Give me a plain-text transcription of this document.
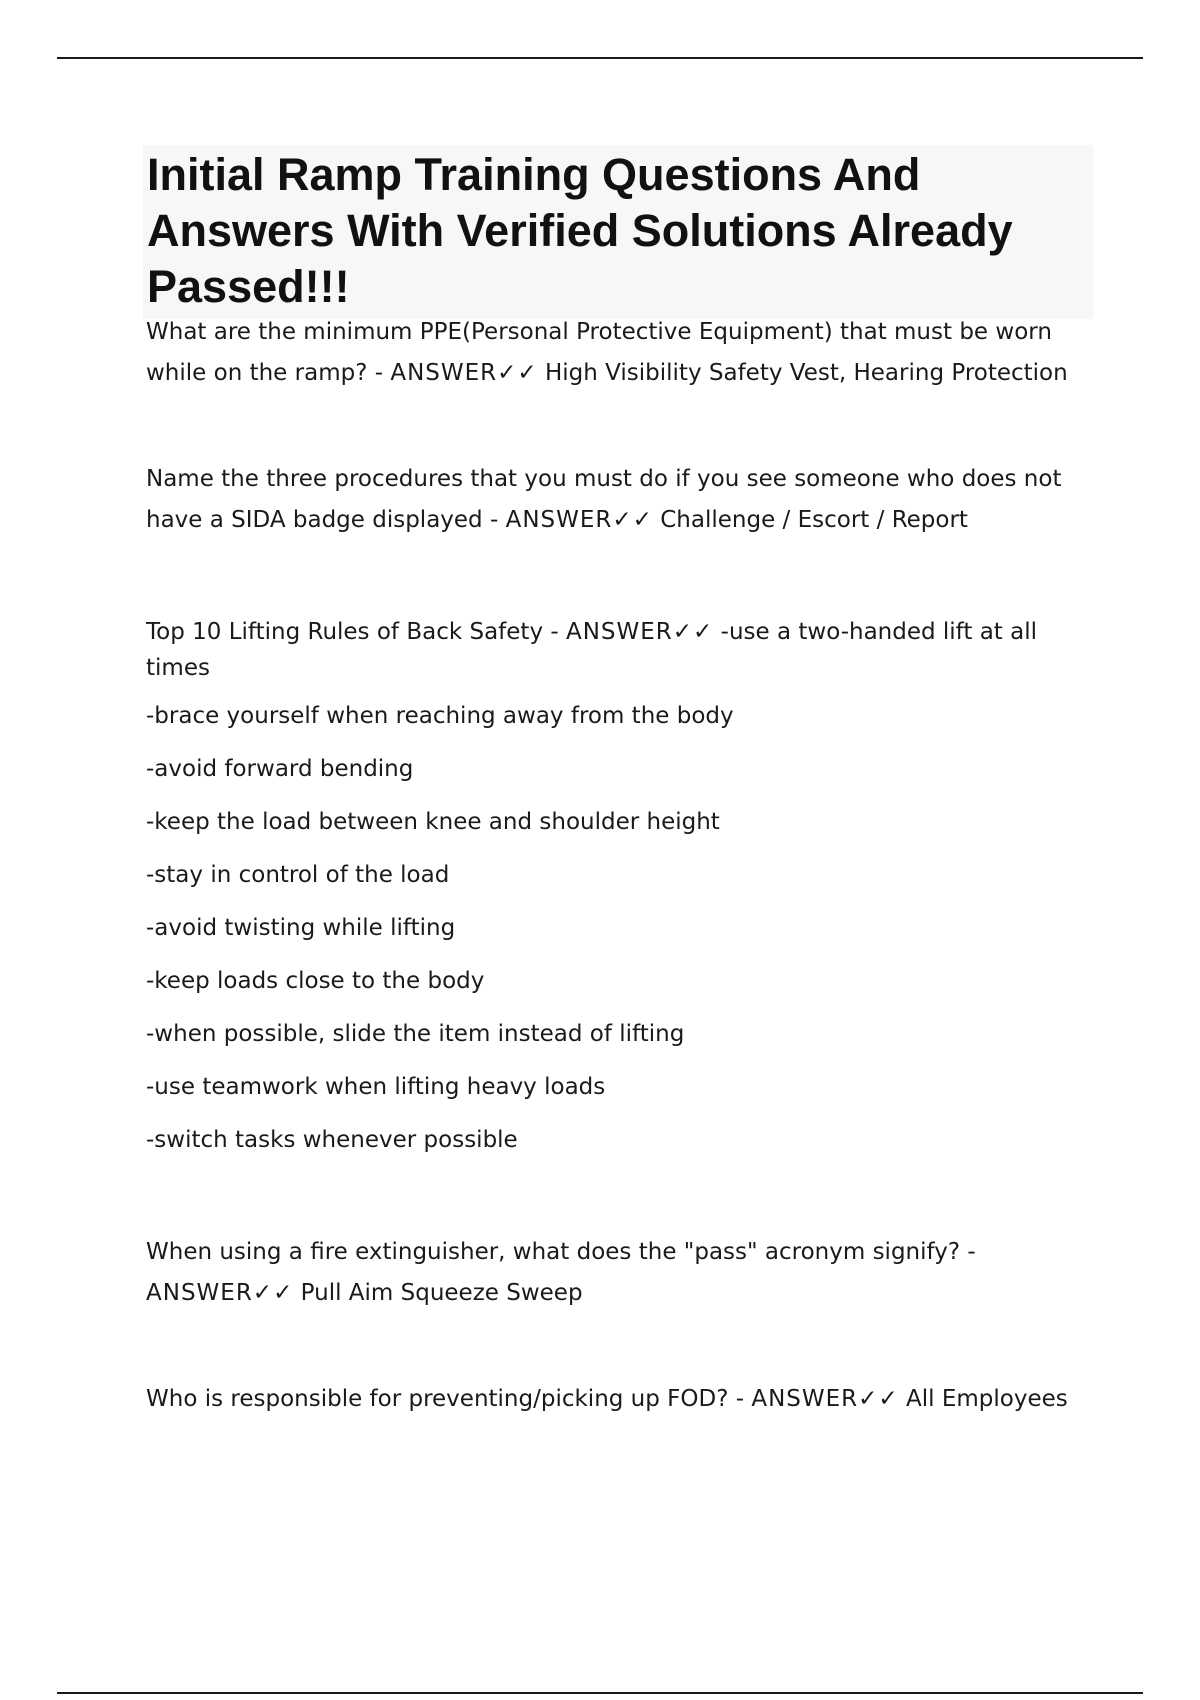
Initial Ramp Training Questions And Answers With Verified Solutions Already Passed!!!

What are the minimum PPE(Personal Protective Equipment) that must be worn while on the ramp? - ANSWER✓✓ High Visibility Safety Vest, Hearing Protection

Name the three procedures that you must do if you see someone who does not have a SIDA badge displayed - ANSWER✓✓ Challenge / Escort / Report

Top 10 Lifting Rules of Back Safety - ANSWER✓✓ -use a two-handed lift at all times

-brace yourself when reaching away from the body

-avoid forward bending

-keep the load between knee and shoulder height

-stay in control of the load

-avoid twisting while lifting

-keep loads close to the body

-when possible, slide the item instead of lifting

-use teamwork when lifting heavy loads

-switch tasks whenever possible

When using a fire extinguisher, what does the "pass" acronym signify? - ANSWER✓✓ Pull Aim Squeeze Sweep

Who is responsible for preventing/picking up FOD? - ANSWER✓✓ All Employees
